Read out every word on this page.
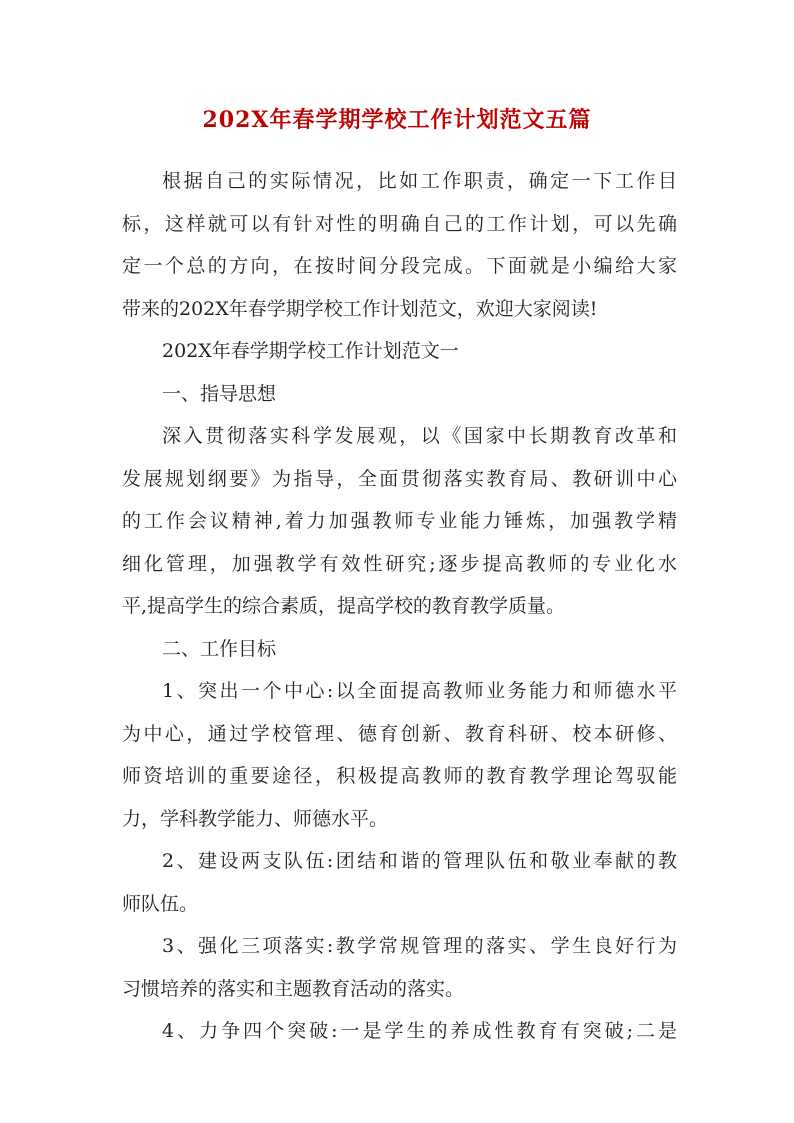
202X年春学期学校工作计划范文五篇
根据自己的实际情况，比如工作职责，确定一下工作目
标，这样就可以有针对性的明确自己的工作计划，可以先确
定一个总的方向，在按时间分段完成。下面就是小编给大家
带来的202X年春学期学校工作计划范文，欢迎大家阅读!
202X年春学期学校工作计划范文一
一、指导思想
深入贯彻落实科学发展观，以《国家中长期教育改革和
发展规划纲要》为指导，全面贯彻落实教育局、教研训中心
的工作会议精神,着力加强教师专业能力锤炼，加强教学精
细化管理，加强教学有效性研究;逐步提高教师的专业化水
平,提高学生的综合素质，提高学校的教育教学质量。
二、工作目标
1、突出一个中心:以全面提高教师业务能力和师德水平
为中心，通过学校管理、德育创新、教育科研、校本研修、
师资培训的重要途径，积极提高教师的教育教学理论驾驭能
力，学科教学能力、师德水平。
2、建设两支队伍:团结和谐的管理队伍和敬业奉献的教
师队伍。
3、强化三项落实:教学常规管理的落实、学生良好行为
习惯培养的落实和主题教育活动的落实。
4、力争四个突破:一是学生的养成性教育有突破;二是
